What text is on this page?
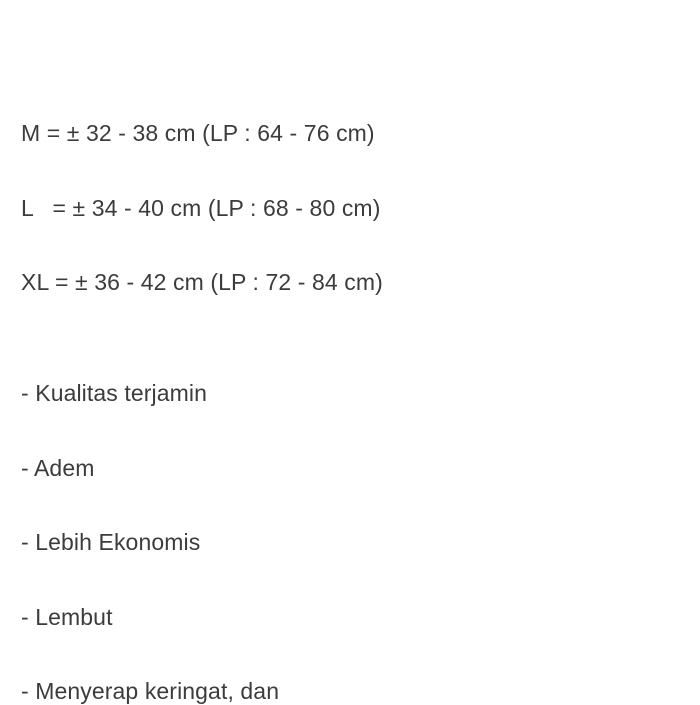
M = ± 32 - 38 cm (LP : 64 - 76 cm)
L   = ± 34 - 40 cm (LP : 68 - 80 cm)
XL = ± 36 - 42 cm (LP : 72 - 84 cm)
- Kualitas terjamin
- Adem
- Lebih Ekonomis
- Lembut
- Menyerap keringat, dan
